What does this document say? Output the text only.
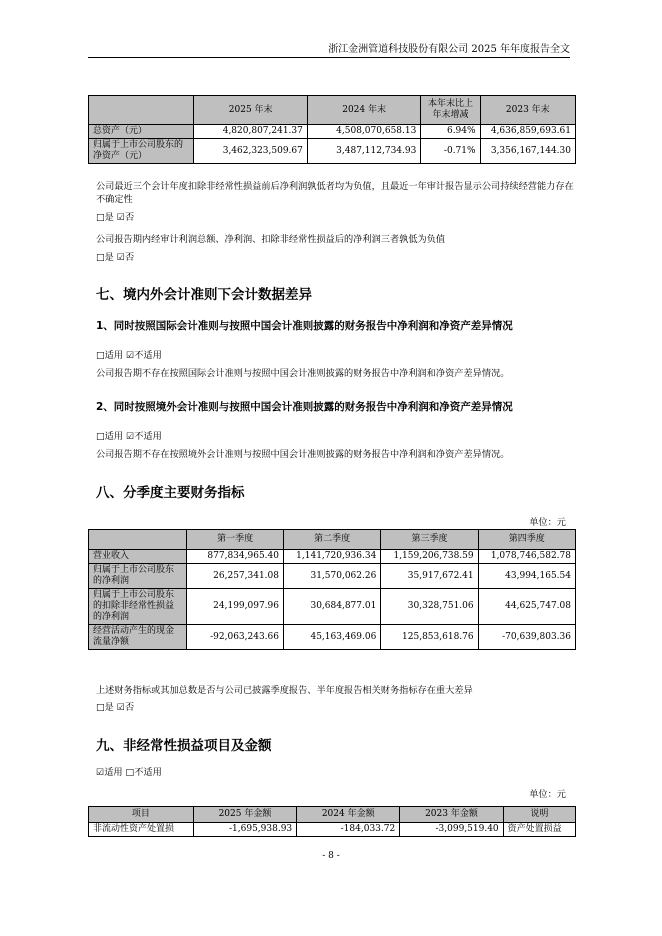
浙江金洲管道科技股份有限公司 2025 年年度报告全文
	2025 年末	2024 年末	本年末比上年末增减	2023 年末
总资产（元）	4,820,807,241.37	4,508,070,658.13	6.94%	4,636,859,693.61
归属于上市公司股东的净资产（元）	3,462,323,509.67	3,487,112,734.93	-0.71%	3,356,167,144.30
公司最近三个会计年度扣除非经常性损益前后净利润孰低者均为负值，且最近一年审计报告显示公司持续经营能力存在不确定性
□是 ☑否
公司报告期内经审计利润总额、净利润、扣除非经常性损益后的净利润三者孰低为负值
□是 ☑否
七、境内外会计准则下会计数据差异
1、同时按照国际会计准则与按照中国会计准则披露的财务报告中净利润和净资产差异情况
□适用 ☑不适用
公司报告期不存在按照国际会计准则与按照中国会计准则披露的财务报告中净利润和净资产差异情况。
2、同时按照境外会计准则与按照中国会计准则披露的财务报告中净利润和净资产差异情况
□适用 ☑不适用
公司报告期不存在按照境外会计准则与按照中国会计准则披露的财务报告中净利润和净资产差异情况。
八、分季度主要财务指标
单位：元
	第一季度	第二季度	第三季度	第四季度
营业收入	877,834,965.40	1,141,720,936.34	1,159,206,738.59	1,078,746,582.78
归属于上市公司股东的净利润	26,257,341.08	31,570,062.26	35,917,672.41	43,994,165.54
归属于上市公司股东的扣除非经常性损益的净利润	24,199,097.96	30,684,877.01	30,328,751.06	44,625,747.08
经营活动产生的现金流量净额	-92,063,243.66	45,163,469.06	125,853,618.76	-70,639,803.36
上述财务指标或其加总数是否与公司已披露季度报告、半年度报告相关财务指标存在重大差异
□是 ☑否
九、非经常性损益项目及金额
☑适用 □不适用
单位：元
项目	2025 年金额	2024 年金额	2023 年金额	说明
非流动性资产处置损	-1,695,938.93	-184,033.72	-3,099,519.40	资产处置损益
- 8 -
